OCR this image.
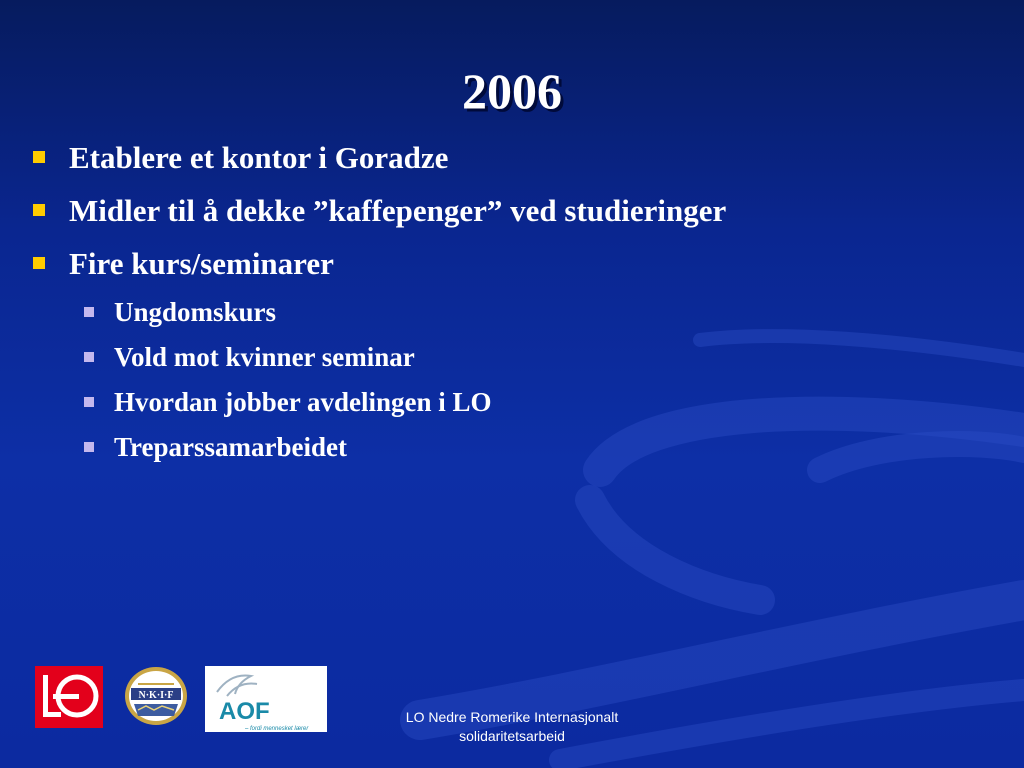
2006
Etablere et kontor i Goradze
Midler til å dekke ”kaffepenger” ved studieringer
Fire kurs/seminarer
Ungdomskurs
Vold mot kvinner seminar
Hvordan jobber avdelingen i LO
Treparssamarbeidet
N·K·I·F
AOF
– fordi mennesket lærer
LO Nedre Romerike Internasjonalt
solidaritetsarbeid
